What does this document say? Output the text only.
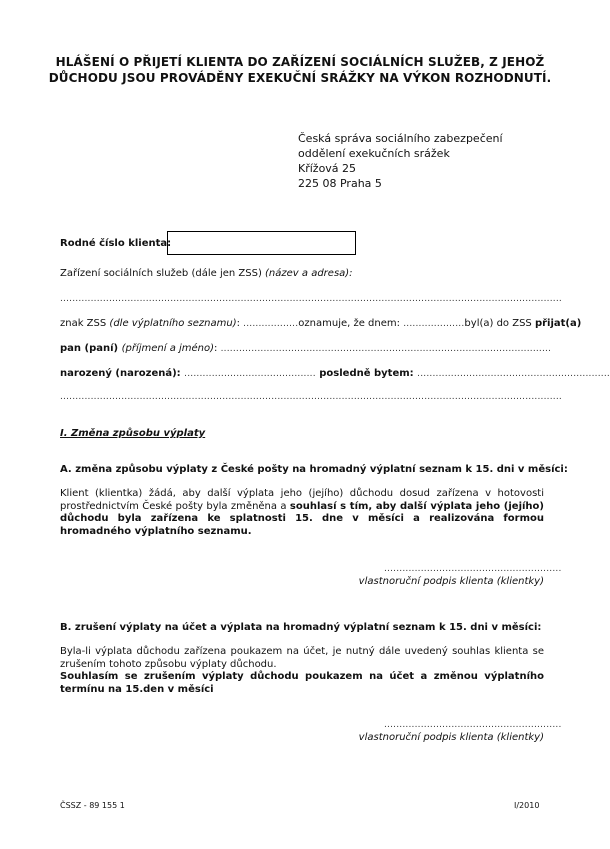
HLÁŠENÍ O PŘIJETÍ KLIENTA DO ZAŘÍZENÍ SOCIÁLNÍCH SLUŽEB, Z JEHOŽ
DŮCHODU JSOU PROVÁDĚNY EXEKUČNÍ SRÁŽKY NA VÝKON ROZHODNUTÍ.
Česká správa sociálního zabezpečení
oddělení exekučních srážek
Křížová 25
225 08 Praha 5
Rodné číslo klienta:
Zařízení sociálních služeb (dále jen ZSS) (název a adresa):
....................................................................................................................................................................
znak ZSS (dle výplatního seznamu): ..................oznamuje, že dnem: ....................byl(a) do ZSS přijat(a)
pan (paní) (příjmení a jméno): ............................................................................................................
narozený (narozená): ........................................... posledně bytem: ...............................................................
....................................................................................................................................................................
I. Změna způsobu výplaty
A. změna způsobu výplaty z České pošty na hromadný výplatní seznam k 15. dni v měsíci:
Klient (klientka) žádá, aby další výplata jeho (jejího) důchodu dosud zařízena v hotovosti prostřednictvím České pošty byla změněna a souhlasí s tím, aby další výplata jeho (jejího) důchodu byla zařízena ke splatnosti 15. dne v měsíci a realizována formou hromadného výplatního seznamu.
..........................................................
vlastnoruční podpis klienta (klientky)
B. zrušení výplaty na účet a výplata na hromadný výplatní seznam k 15. dni v měsíci:
Byla-li výplata důchodu zařízena poukazem na účet, je nutný dále uvedený souhlas klienta se zrušením tohoto způsobu výplaty důchodu.
Souhlasím se zrušením výplaty důchodu poukazem na účet a změnou výplatního termínu na 15.den v měsíci
..........................................................
vlastnoruční podpis klienta (klientky)
ČSSZ - 89 155 1	I/2010
